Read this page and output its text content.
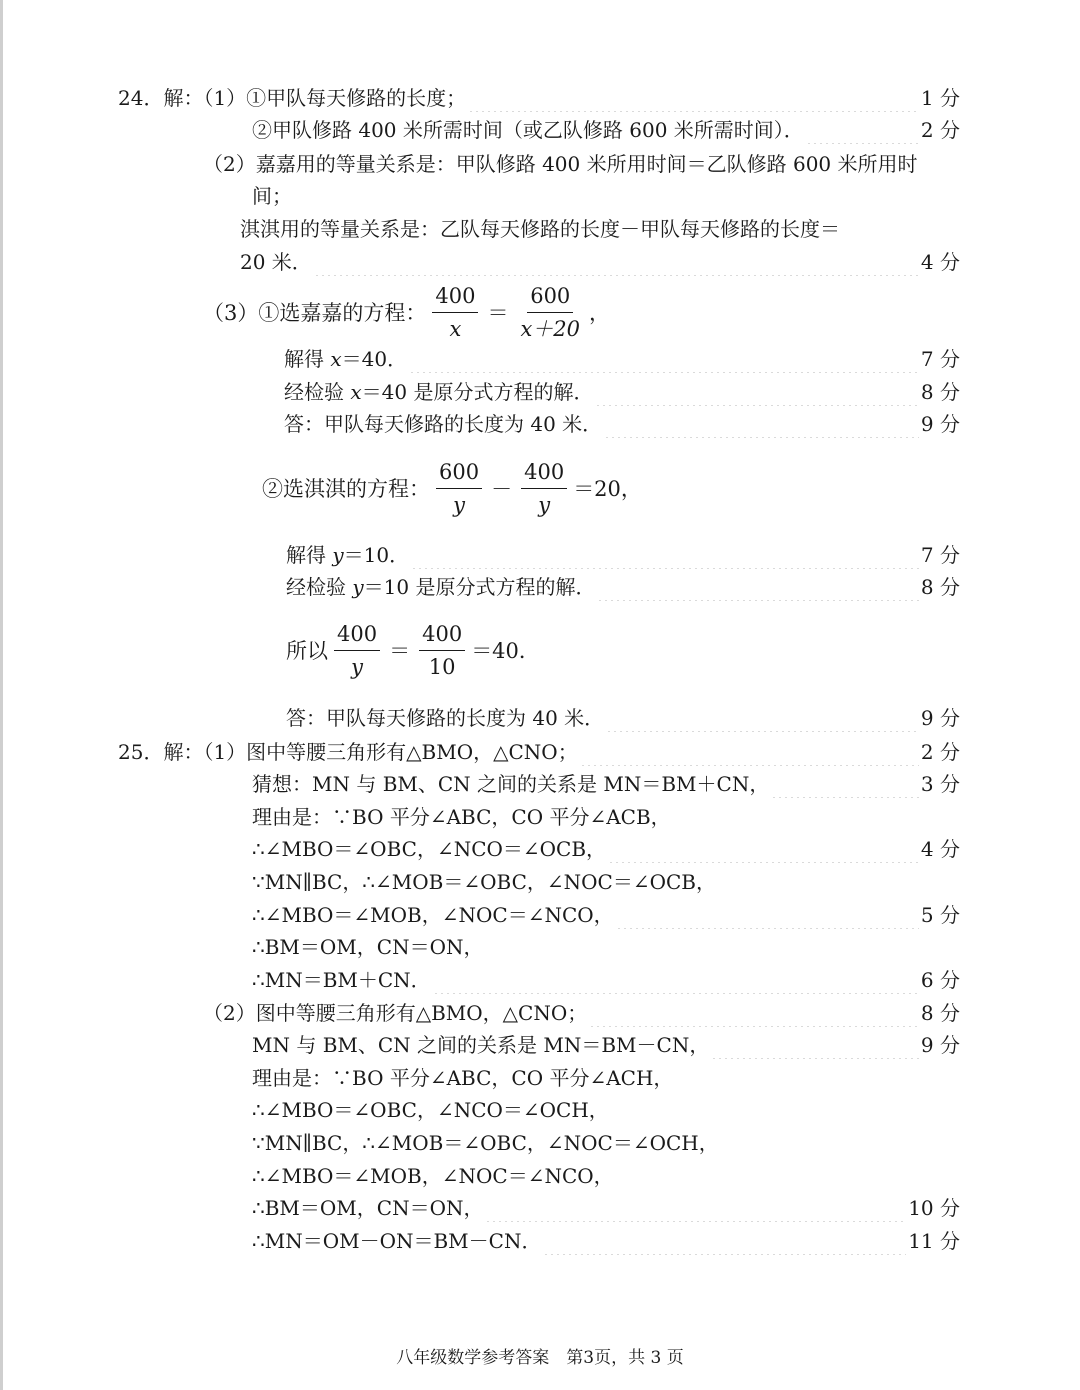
24．解：（1）①甲队每天修路的长度；	1 分
②甲队修路 400 米所需时间（或乙队修路 600 米所需时间）．	2 分
（2）嘉嘉用的等量关系是：甲队修路 400 米所用时间＝乙队修路 600 米所用时
间；
淇淇用的等量关系是：乙队每天修路的长度－甲队每天修路的长度＝
20 米．	4 分
（3）①选嘉嘉的方程： $\frac{400}{x} = \frac{600}{x+20}$ ，
解得 x＝40．	7 分
经检验 x＝40 是原分式方程的解．	8 分
答：甲队每天修路的长度为 40 米．	9 分
②选淇淇的方程： $\frac{600}{y} - \frac{400}{y} =20$，
解得 y＝10．	7 分
经检验 y＝10 是原分式方程的解．	8 分
所以 $\frac{400}{y} = \frac{400}{10} =40$．
答：甲队每天修路的长度为 40 米．	9 分
25．解：（1）图中等腰三角形有△BMO，△CNO；	2 分
猜想：MN 与 BM、CN 之间的关系是 MN＝BM＋CN，	3 分
理由是：∵BO 平分∠ABC，CO 平分∠ACB，
∴∠MBO＝∠OBC，∠NCO＝∠OCB，	4 分
∵MN∥BC，∴∠MOB＝∠OBC，∠NOC＝∠OCB，
∴∠MBO＝∠MOB，∠NOC＝∠NCO，	5 分
∴BM＝OM，CN＝ON，
∴MN＝BM＋CN．	6 分
（2）图中等腰三角形有△BMO，△CNO；	8 分
MN 与 BM、CN 之间的关系是 MN＝BM－CN，	9 分
理由是：∵BO 平分∠ABC，CO 平分∠ACH，
∴∠MBO＝∠OBC，∠NCO＝∠OCH，
∵MN∥BC，∴∠MOB＝∠OBC，∠NOC＝∠OCH，
∴∠MBO＝∠MOB，∠NOC＝∠NCO，
∴BM＝OM，CN＝ON，	10 分
∴MN＝OM－ON＝BM－CN．	11 分
八年级数学参考答案　第3页，共 3 页
